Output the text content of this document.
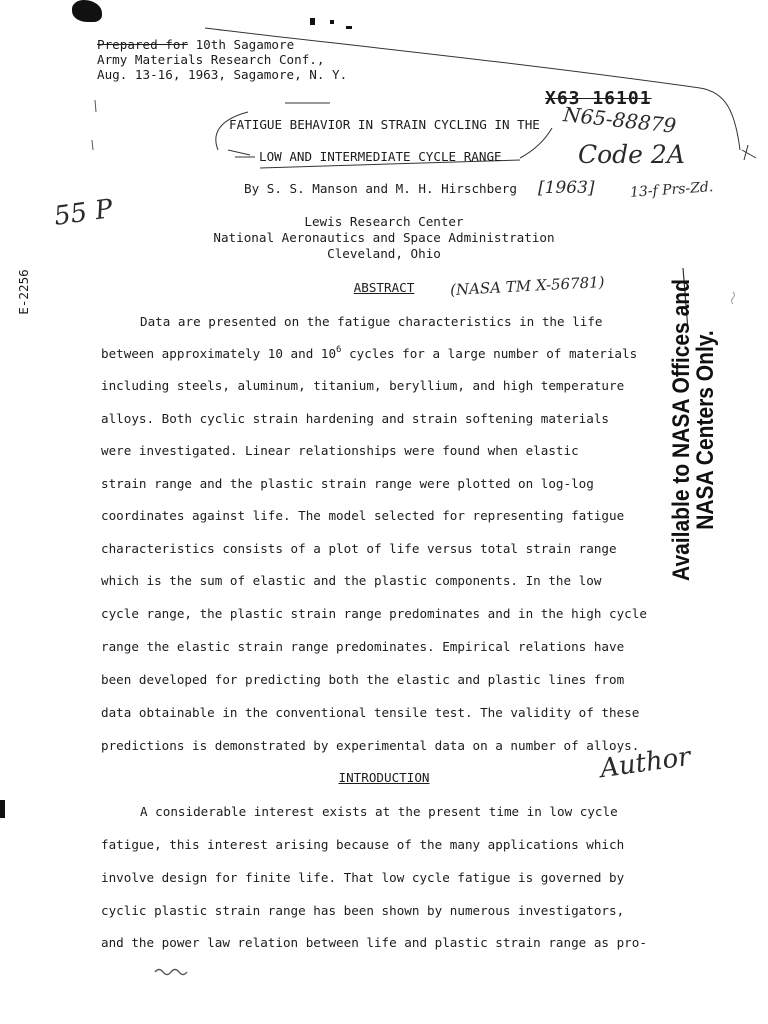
Prepared for 10th Sagamore
Army Materials Research Conf.,
Aug. 13-16, 1963, Sagamore, N. Y.
X63 16101
N65-88879
Code 2A
FATIGUE BEHAVIOR IN STRAIN CYCLING IN THE
LOW AND INTERMEDIATE CYCLE RANGE
By S. S. Manson and M. H. Hirschberg [1963]	13-f Prs-Zd.
55 P	Lewis Research Center
National Aeronautics and Space Administration
Cleveland, Ohio
E-2256	ABSTRACT	(NASA TM X-56781)
Data are presented on the fatigue characteristics in the life
between approximately 10 and $10^6$ cycles for a large number of materials
including steels, aluminum, titanium, beryllium, and high temperature
alloys. Both cyclic strain hardening and strain softening materials
were investigated. Linear relationships were found when elastic
strain range and the plastic strain range were plotted on log-log
coordinates against life. The model selected for representing fatigue
characteristics consists of a plot of life versus total strain range
which is the sum of elastic and the plastic components. In the low
cycle range, the plastic strain range predominates and in the high cycle
range the elastic strain range predominates. Empirical relations have
been developed for predicting both the elastic and plastic lines from
data obtainable in the conventional tensile test. The validity of these
predictions is demonstrated by experimental data on a number of alloys.
Author
Available to NASA Offices and
NASA Centers Only.
INTRODUCTION
A considerable interest exists at the present time in low cycle
fatigue, this interest arising because of the many applications which
involve design for finite life. That low cycle fatigue is governed by
cyclic plastic strain range has been shown by numerous investigators,
and the power law relation between life and plastic strain range as pro-
